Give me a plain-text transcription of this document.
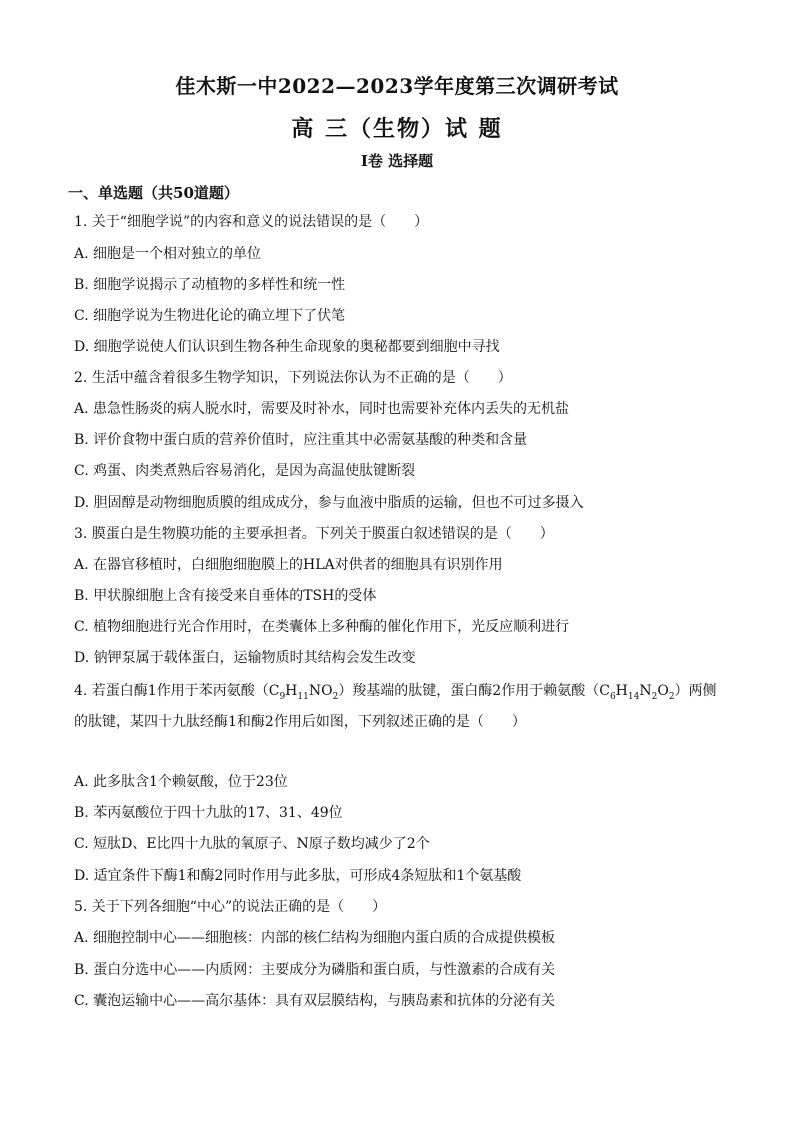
佳木斯一中2022—2023学年度第三次调研考试
高 三（生物）试 题
Ⅰ卷 选择题
一、单选题（共50道题）
1. 关于“细胞学说”的内容和意义的说法错误的是（　　）
A. 细胞是一个相对独立的单位
B. 细胞学说揭示了动植物的多样性和统一性
C. 细胞学说为生物进化论的确立埋下了伏笔
D. 细胞学说使人们认识到生物各种生命现象的奥秘都要到细胞中寻找
2. 生活中蕴含着很多生物学知识，下列说法你认为不正确的是（　　）
A. 患急性肠炎的病人脱水时，需要及时补水，同时也需要补充体内丢失的无机盐
B. 评价食物中蛋白质的营养价值时，应注重其中必需氨基酸的种类和含量
C. 鸡蛋、肉类煮熟后容易消化，是因为高温使肽键断裂
D. 胆固醇是动物细胞质膜的组成成分，参与血液中脂质的运输，但也不可过多摄入
3. 膜蛋白是生物膜功能的主要承担者。下列关于膜蛋白叙述错误的是（　　）
A. 在器官移植时，白细胞细胞膜上的HLA对供者的细胞具有识别作用
B. 甲状腺细胞上含有接受来自垂体的TSH的受体
C. 植物细胞进行光合作用时，在类囊体上多种酶的催化作用下，光反应顺利进行
D. 钠钾泵属于载体蛋白，运输物质时其结构会发生改变
4. 若蛋白酶1作用于苯丙氨酸$(C_9H_{11}NO_2)$羧基端的肽键，蛋白酶2作用于赖氨酸$(C_6H_{14}N_2O_2)$两侧的肽键，某四十九肽经酶1和酶2作用后如图，下列叙述正确的是（　　）
A. 此多肽含1个赖氨酸，位于23位
B. 苯丙氨酸位于四十九肽的17、31、49位
C. 短肽D、E比四十九肽的氧原子、N原子数均减少了2个
D. 适宜条件下酶1和酶2同时作用与此多肽，可形成4条短肽和1个氨基酸
5. 关于下列各细胞“中心”的说法正确的是（　　）
A. 细胞控制中心——细胞核：内部的核仁结构为细胞内蛋白质的合成提供模板
B. 蛋白分选中心——内质网：主要成分为磷脂和蛋白质，与性激素的合成有关
C. 囊泡运输中心——高尔基体：具有双层膜结构，与胰岛素和抗体的分泌有关
